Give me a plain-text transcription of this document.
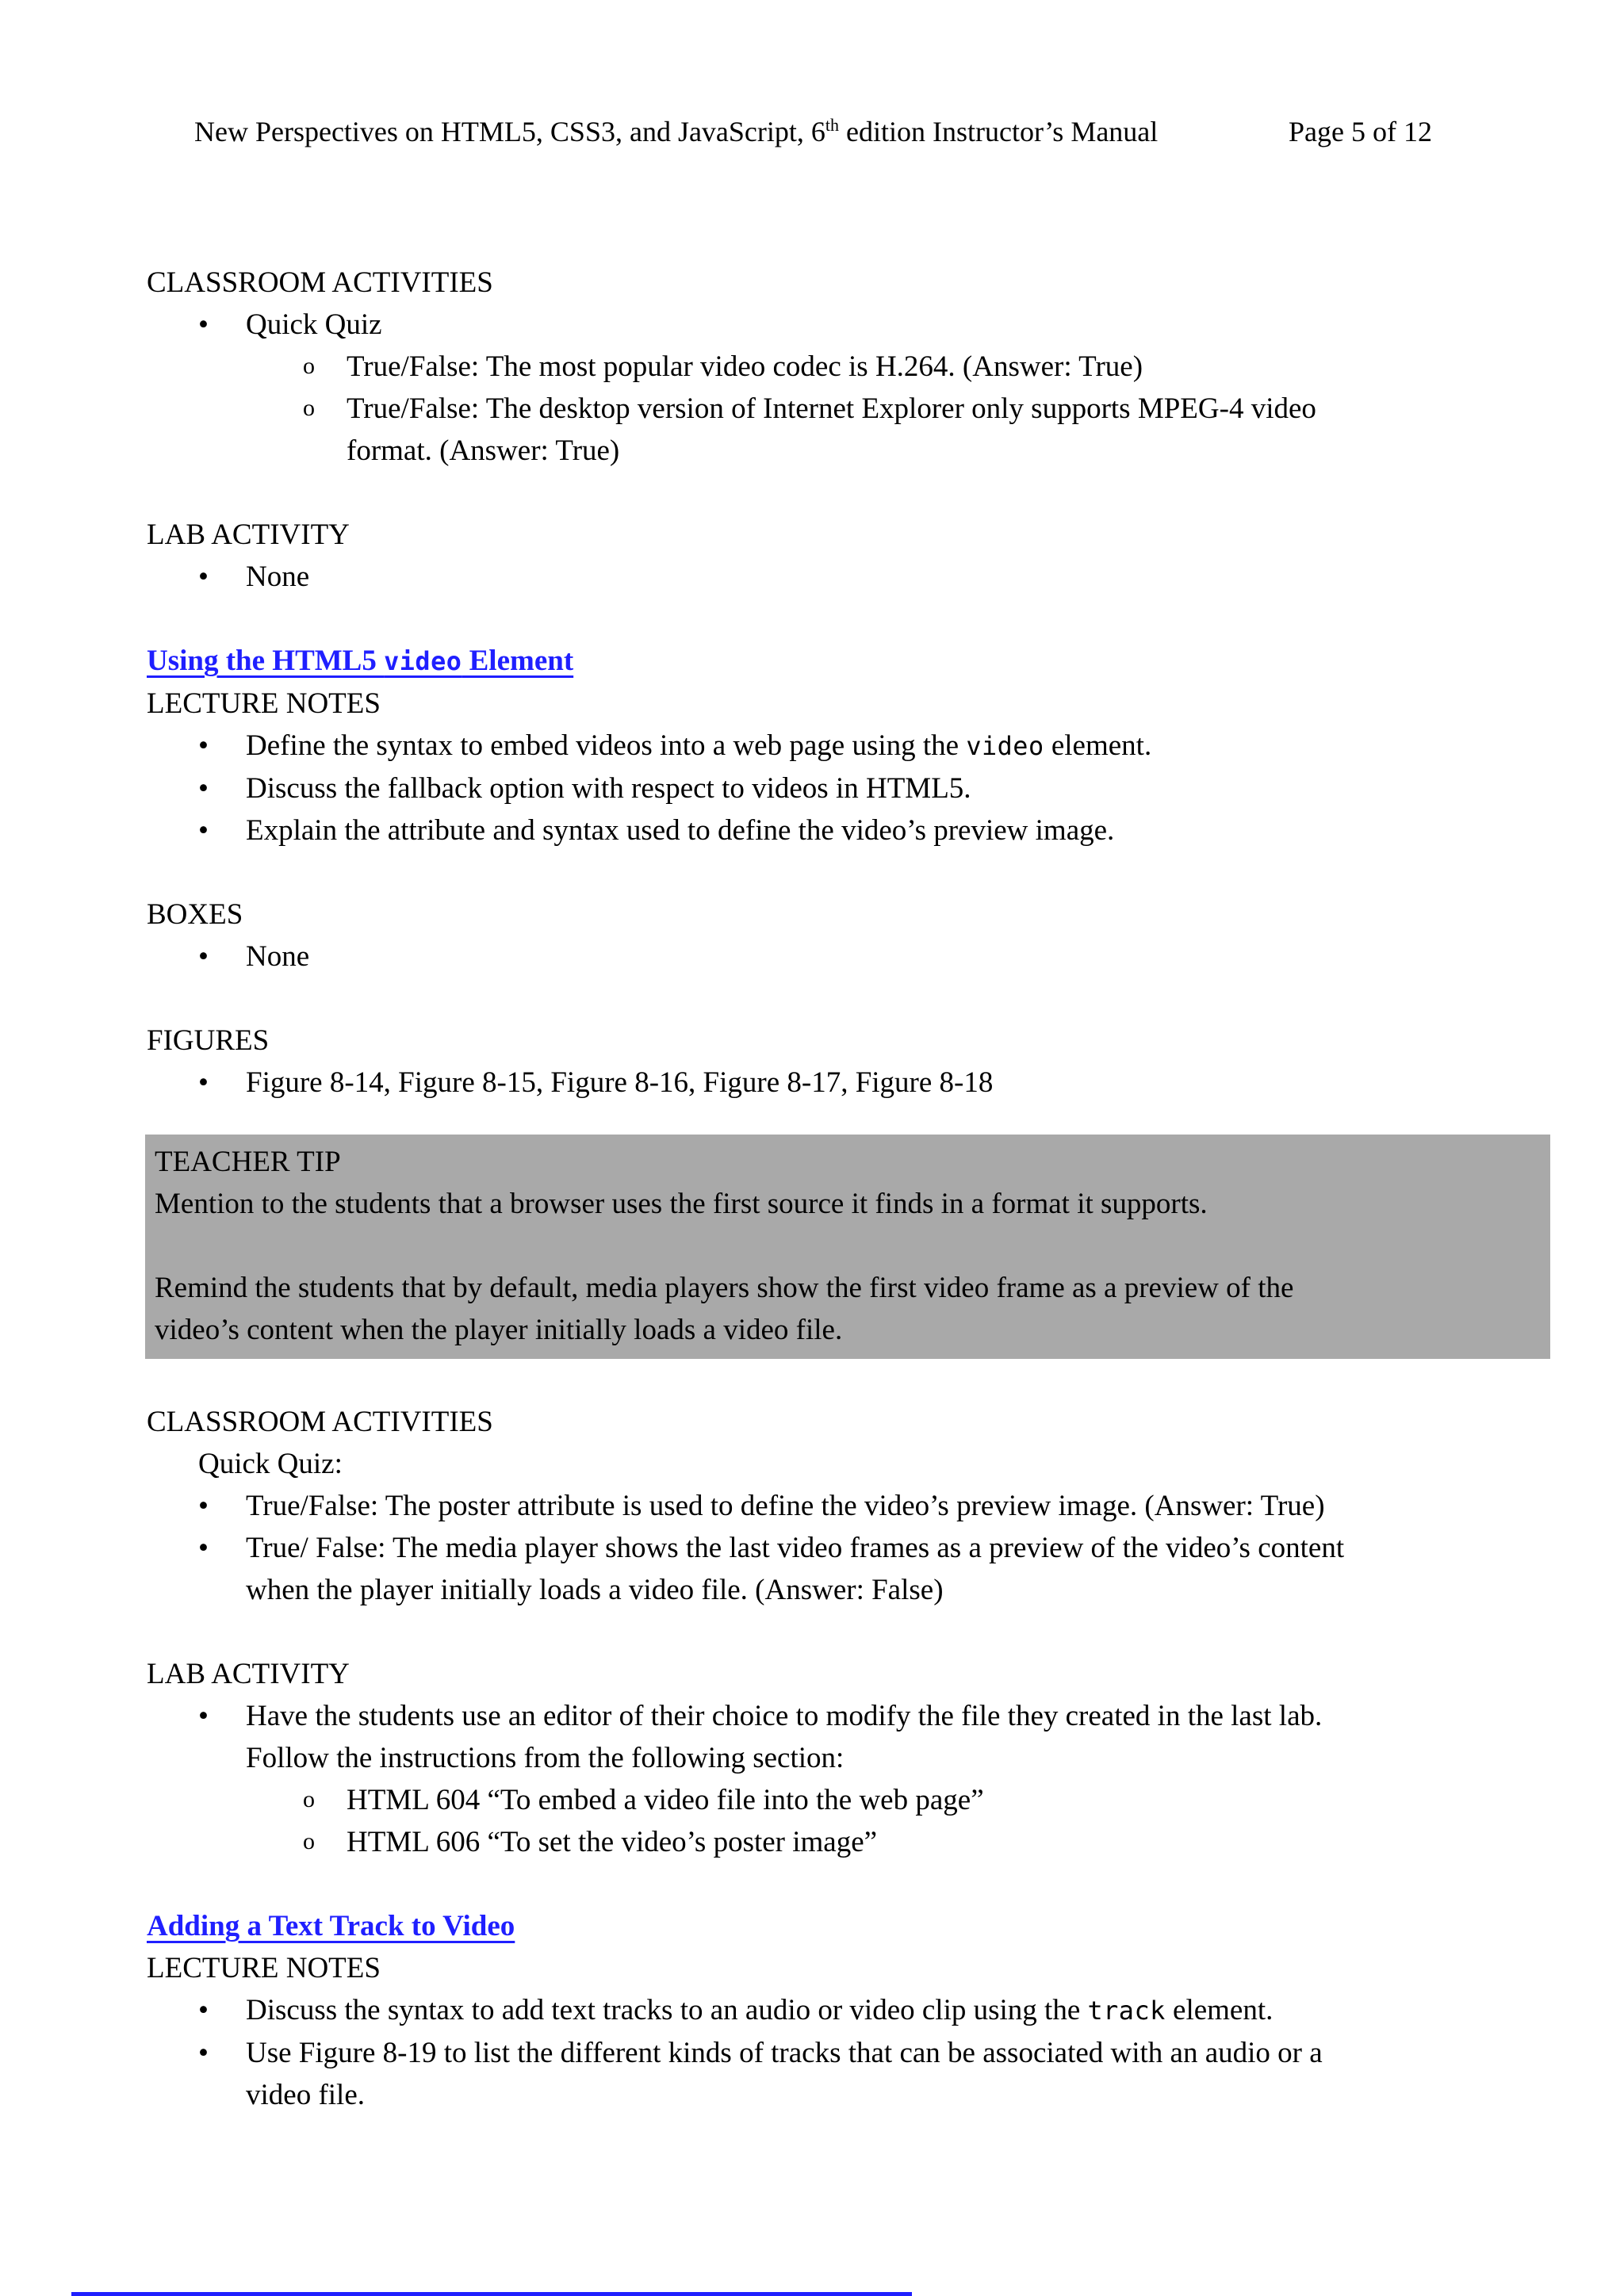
New Perspectives on HTML5, CSS3, and JavaScript, 6th edition Instructor’s Manual	Page 5 of 12

CLASSROOM ACTIVITIES

• Quick Quiz
o True/False: The most popular video codec is H.264. (Answer: True)
o True/False: The desktop version of Internet Explorer only supports MPEG-4 video
format. (Answer: True)

LAB ACTIVITY

• None

Using the HTML5 video Element

LECTURE NOTES

• Define the syntax to embed videos into a web page using the video element.
• Discuss the fallback option with respect to videos in HTML5.
• Explain the attribute and syntax used to define the video’s preview image.

BOXES

• None

FIGURES

• Figure 8-14, Figure 8-15, Figure 8-16, Figure 8-17, Figure 8-18

TEACHER TIP

Mention to the students that a browser uses the first source it finds in a format it supports.

Remind the students that by default, media players show the first video frame as a preview of the
video’s content when the player initially loads a video file.

CLASSROOM ACTIVITIES

Quick Quiz:

• True/False: The poster attribute is used to define the video’s preview image. (Answer: True)
• True/ False: The media player shows the last video frames as a preview of the video’s content
when the player initially loads a video file. (Answer: False)

LAB ACTIVITY

• Have the students use an editor of their choice to modify the file they created in the last lab.
Follow the instructions from the following section:
o HTML 604 “To embed a video file into the web page”
o HTML 606 “To set the video’s poster image”

Adding a Text Track to Video

LECTURE NOTES

• Discuss the syntax to add text tracks to an audio or video clip using the track element.
• Use Figure 8-19 to list the different kinds of tracks that can be associated with an audio or a
video file.
